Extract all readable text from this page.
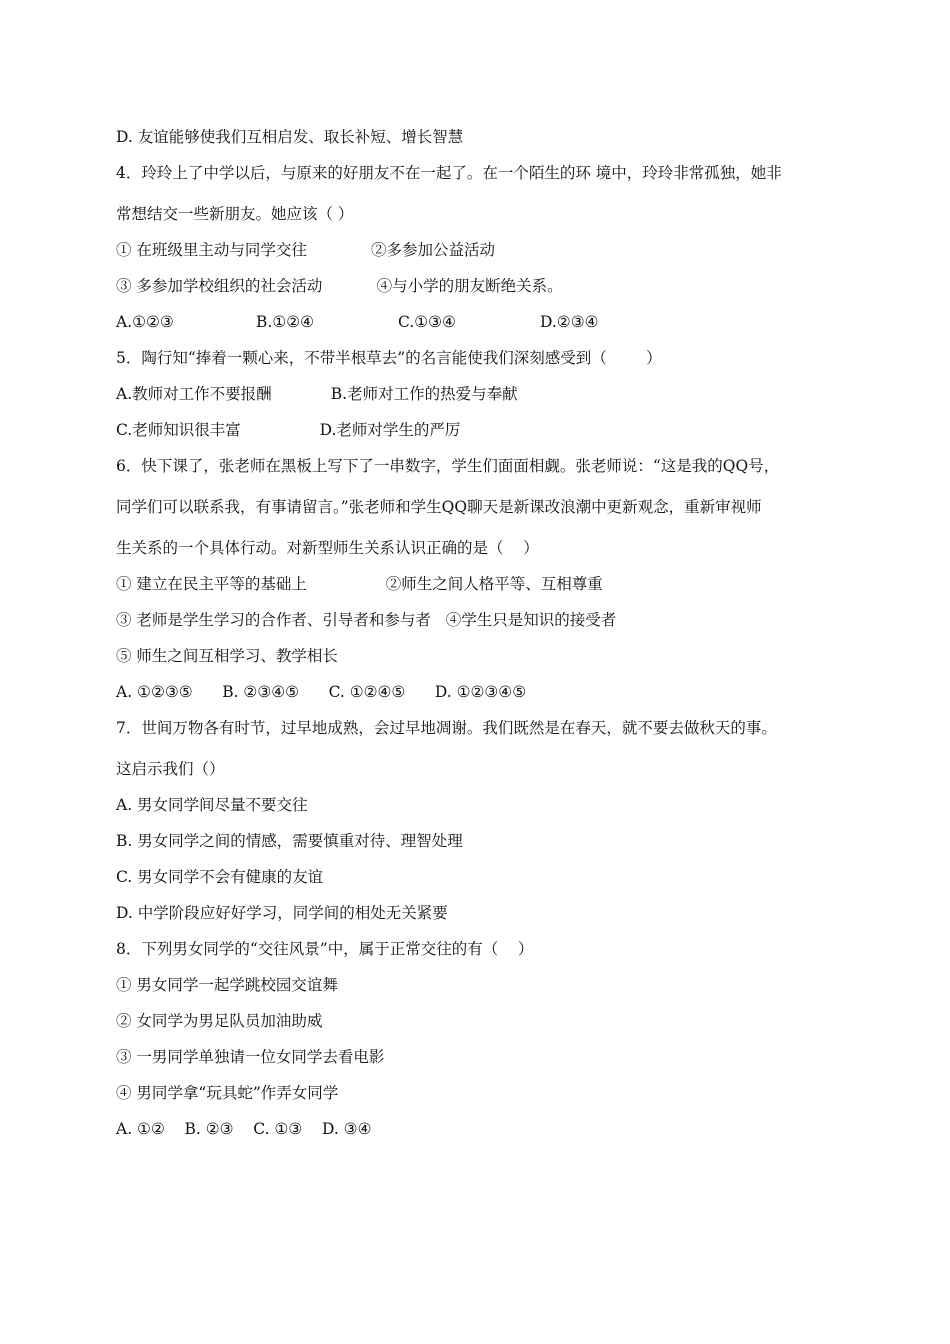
D. 友谊能够使我们互相启发、取长补短、增长智慧
4．玲玲上了中学以后，与原来的好朋友不在一起了。在一个陌生的环 境中，玲玲非常孤独，她非
常想结交一些新朋友。她应该（ ）
① 在班级里主动与同学交往             ②多参加公益活动
③ 多参加学校组织的社会活动           ④与小学的朋友断绝关系。
A.①②③	B.①②④	C.①③④	D.②③④
5．陶行知“捧着一颗心来，不带半根草去”的名言能使我们深刻感受到（        ）
A.教师对工作不要报酬            B.老师对工作的热爱与奉献
C.老师知识很丰富                D.老师对学生的严厉
6．快下课了，张老师在黑板上写下了一串数字，学生们面面相觑。张老师说：“这是我的QQ号，
同学们可以联系我，有事请留言。”张老师和学生QQ聊天是新课改浪潮中更新观念，重新审视师
生关系的一个具体行动。对新型师生关系认识正确的是（    ）
① 建立在民主平等的基础上                ②师生之间人格平等、互相尊重
③ 老师是学生学习的合作者、引导者和参与者   ④学生只是知识的接受者
⑤ 师生之间互相学习、教学相长
A. ①②③⑤      B. ②③④⑤      C. ①②④⑤      D. ①②③④⑤
7．世间万物各有时节，过早地成熟，会过早地凋谢。我们既然是在春天，就不要去做秋天的事。
这启示我们（）
A. 男女同学间尽量不要交往
B. 男女同学之间的情感，需要慎重对待、理智处理
C. 男女同学不会有健康的友谊
D. 中学阶段应好好学习，同学间的相处无关紧要
8．下列男女同学的“交往风景”中，属于正常交往的有（    ）
① 男女同学一起学跳校园交谊舞
② 女同学为男足队员加油助威
③ 一男同学单独请一位女同学去看电影
④ 男同学拿“玩具蛇”作弄女同学
A. ①②    B. ②③    C. ①③    D. ③④
